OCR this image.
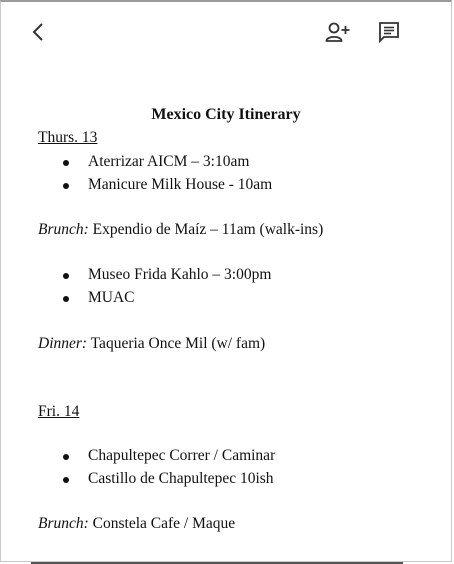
Mexico City Itinerary
Thurs. 13
Aterrizar AICM – 3:10am
Manicure Milk House - 10am
Brunch: Expendio de Maíz – 11am (walk-ins)
Museo Frida Kahlo – 3:00pm
MUAC
Dinner: Taqueria Once Mil (w/ fam)
Fri. 14
Chapultepec Correr / Caminar
Castillo de Chapultepec 10ish
Brunch: Constela Cafe / Maque
